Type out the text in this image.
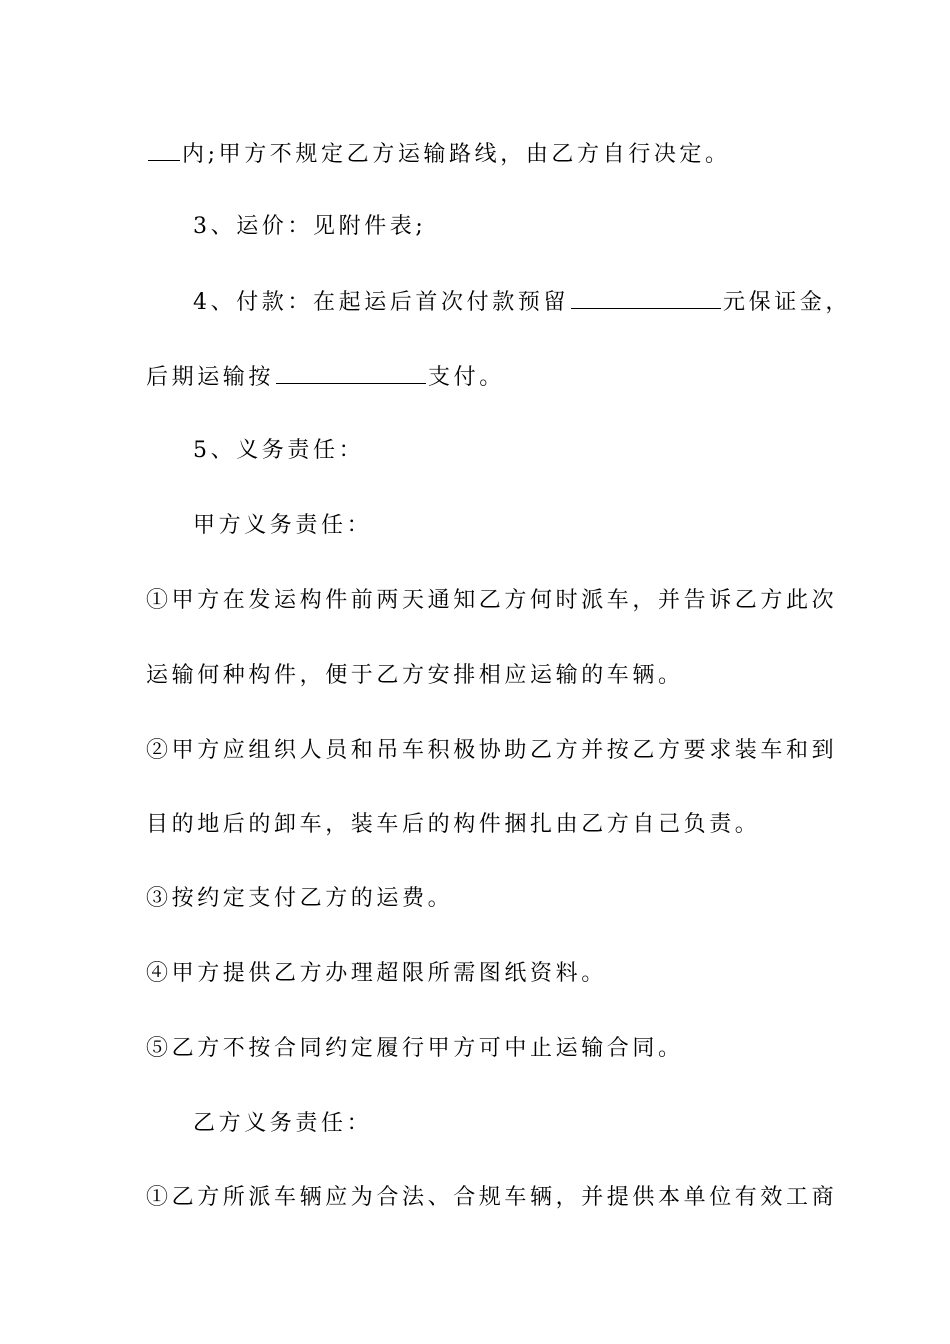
内;甲方不规定乙方运输路线，由乙方自行决定。
3、运价：见附件表;
4、付款：在起运后首次付款预留	元保证金，
后期运输按	支付。
5、义务责任：
甲方义务责任：
①甲方在发运构件前两天通知乙方何时派车，并告诉乙方此次
运输何种构件，便于乙方安排相应运输的车辆。
②甲方应组织人员和吊车积极协助乙方并按乙方要求装车和到
目的地后的卸车，装车后的构件捆扎由乙方自己负责。
③按约定支付乙方的运费。
④甲方提供乙方办理超限所需图纸资料。
⑤乙方不按合同约定履行甲方可中止运输合同。
乙方义务责任：
①乙方所派车辆应为合法、合规车辆，并提供本单位有效工商
